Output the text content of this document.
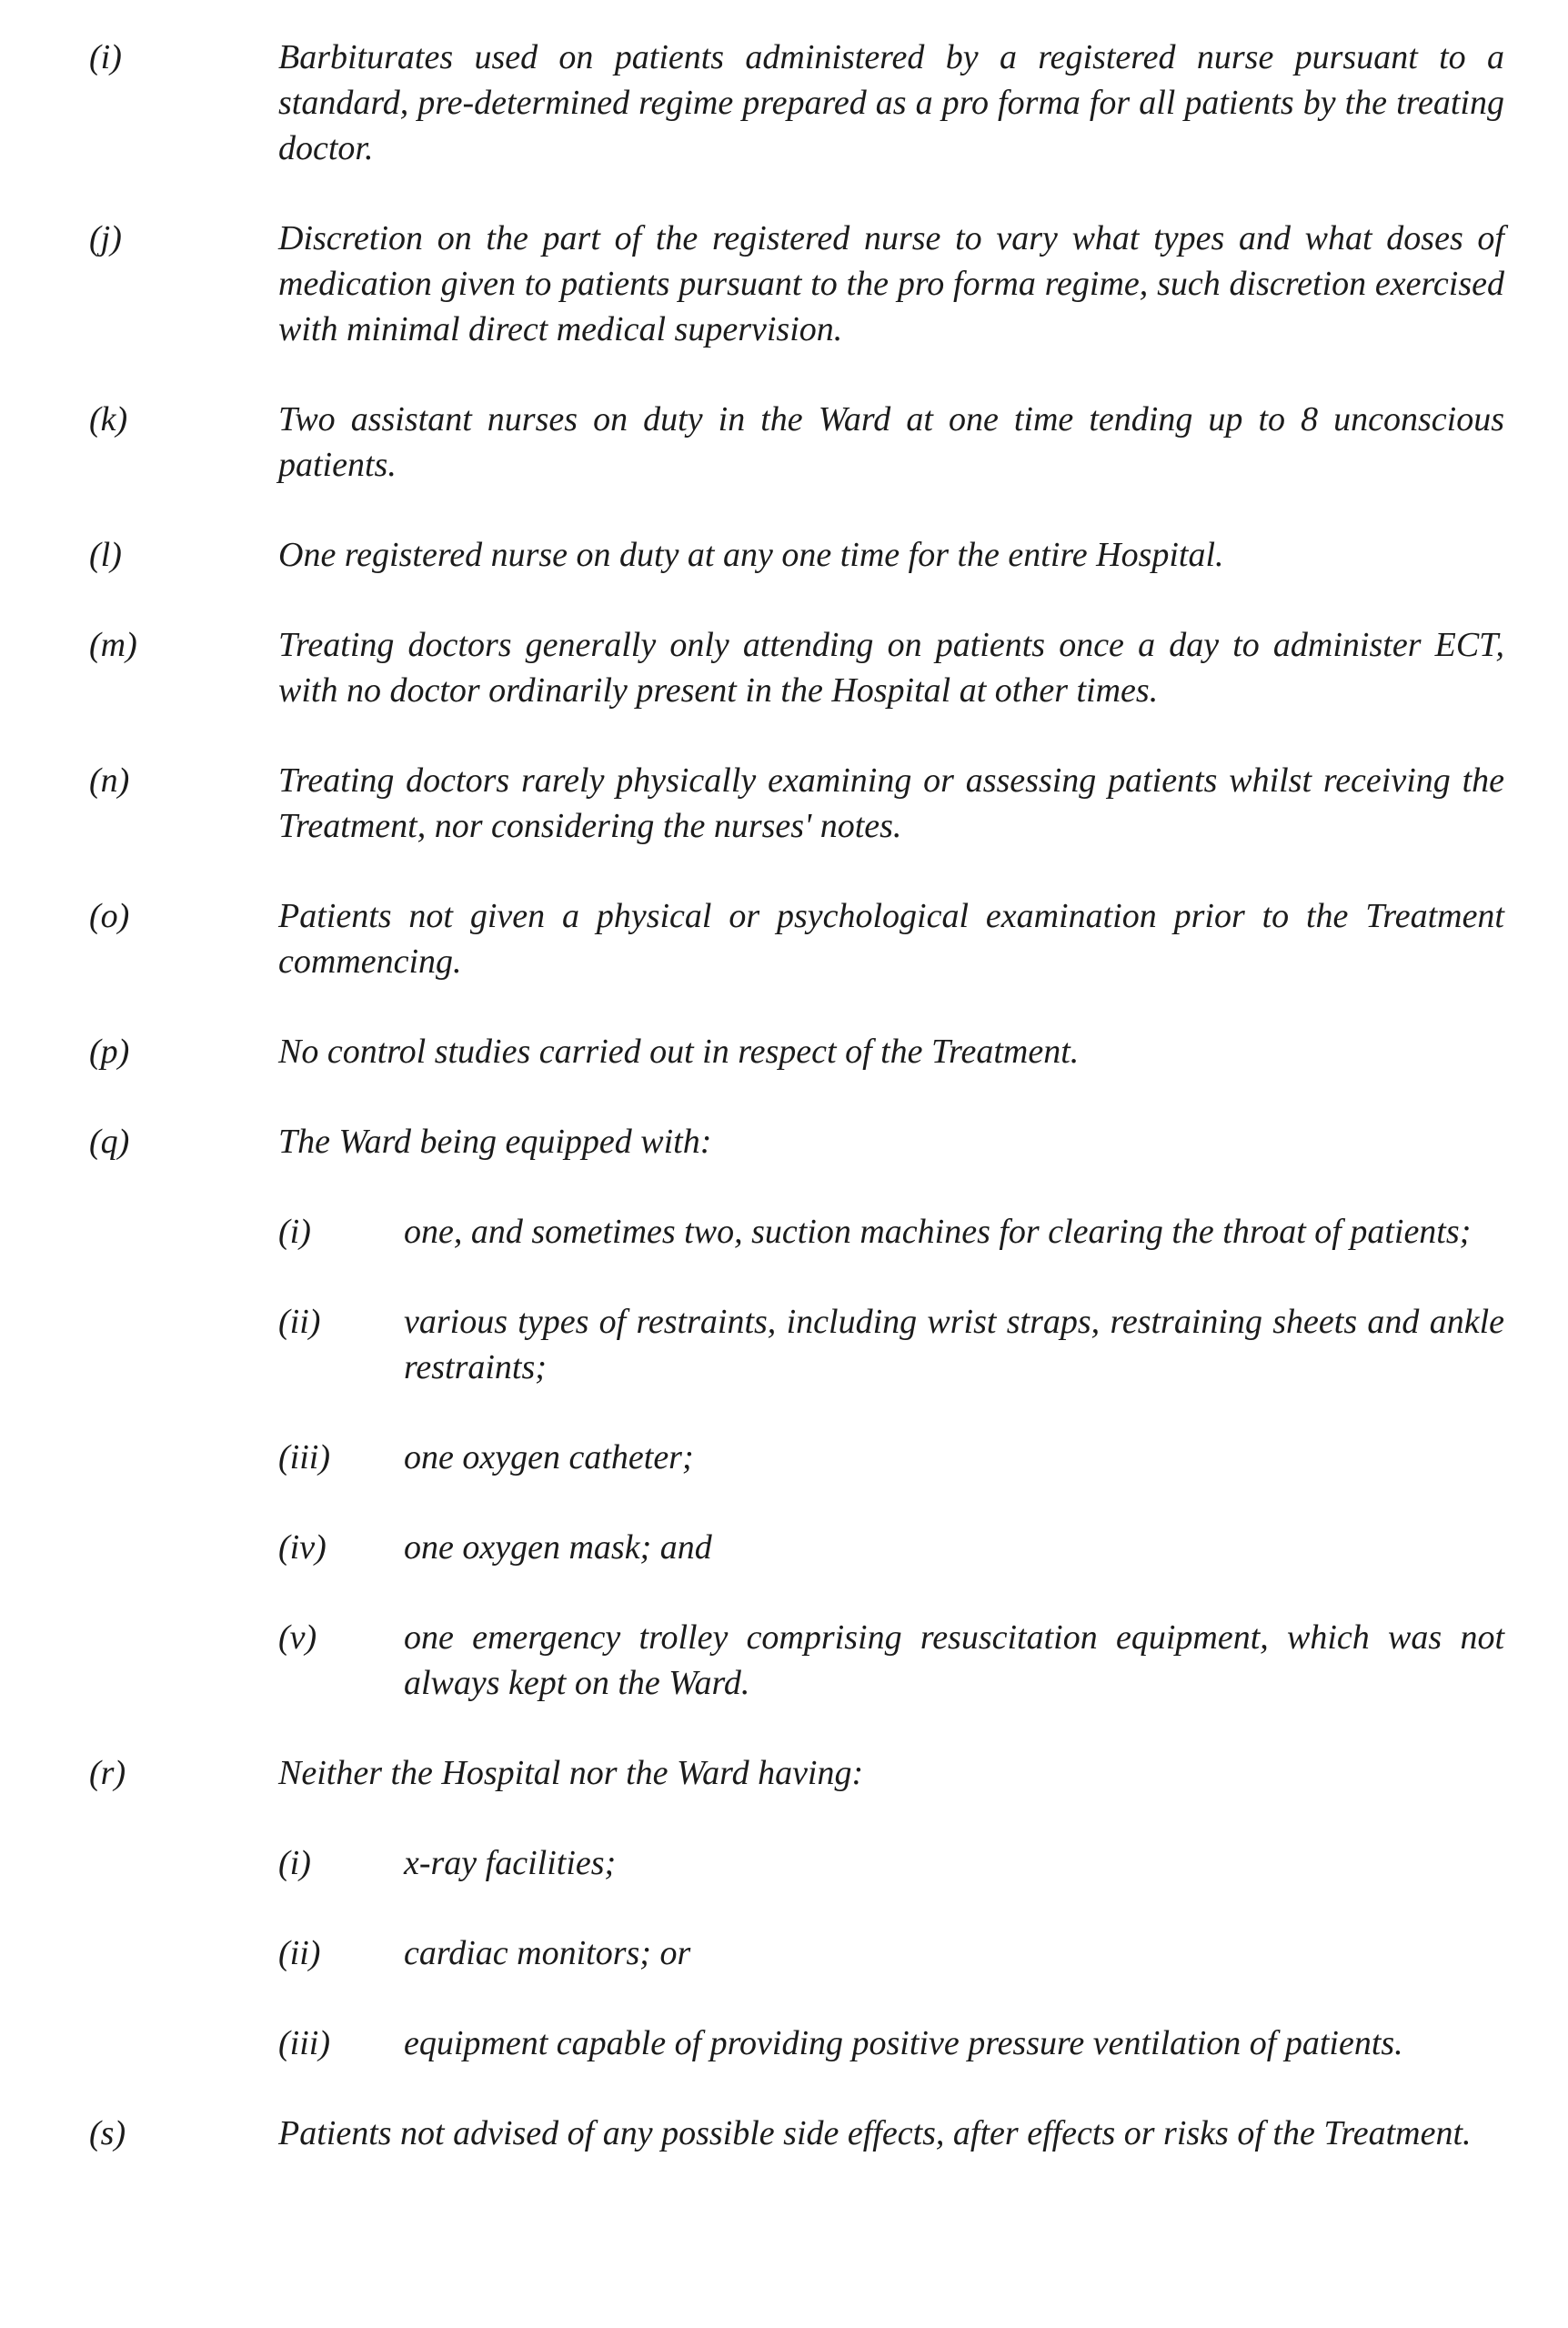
(i)	Barbiturates used on patients administered by a registered nurse pursuant to a standard, pre-determined regime prepared as a pro forma for all patients by the treating doctor.
(j)	Discretion on the part of the registered nurse to vary what types and what doses of medication given to patients pursuant to the pro forma regime, such discretion exercised with minimal direct medical supervision.
(k)	Two assistant nurses on duty in the Ward at one time tending up to 8 unconscious patients.
(l)	One registered nurse on duty at any one time for the entire Hospital.
(m)	Treating doctors generally only attending on patients once a day to administer ECT, with no doctor ordinarily present in the Hospital at other times.
(n)	Treating doctors rarely physically examining or assessing patients whilst receiving the Treatment, nor considering the nurses' notes.
(o)	Patients not given a physical or psychological examination prior to the Treatment commencing.
(p)	No control studies carried out in respect of the Treatment.
(q)	The Ward being equipped with:
(i)	one, and sometimes two, suction machines for clearing the throat of patients;
(ii)	various types of restraints, including wrist straps, restraining sheets and ankle restraints;
(iii)	one oxygen catheter;
(iv)	one oxygen mask; and
(v)	one emergency trolley comprising resuscitation equipment, which was not always kept on the Ward.
(r)	Neither the Hospital nor the Ward having:
(i)	x-ray facilities;
(ii)	cardiac monitors; or
(iii)	equipment capable of providing positive pressure ventilation of patients.
(s)	Patients not advised of any possible side effects, after effects or risks of the Treatment.
